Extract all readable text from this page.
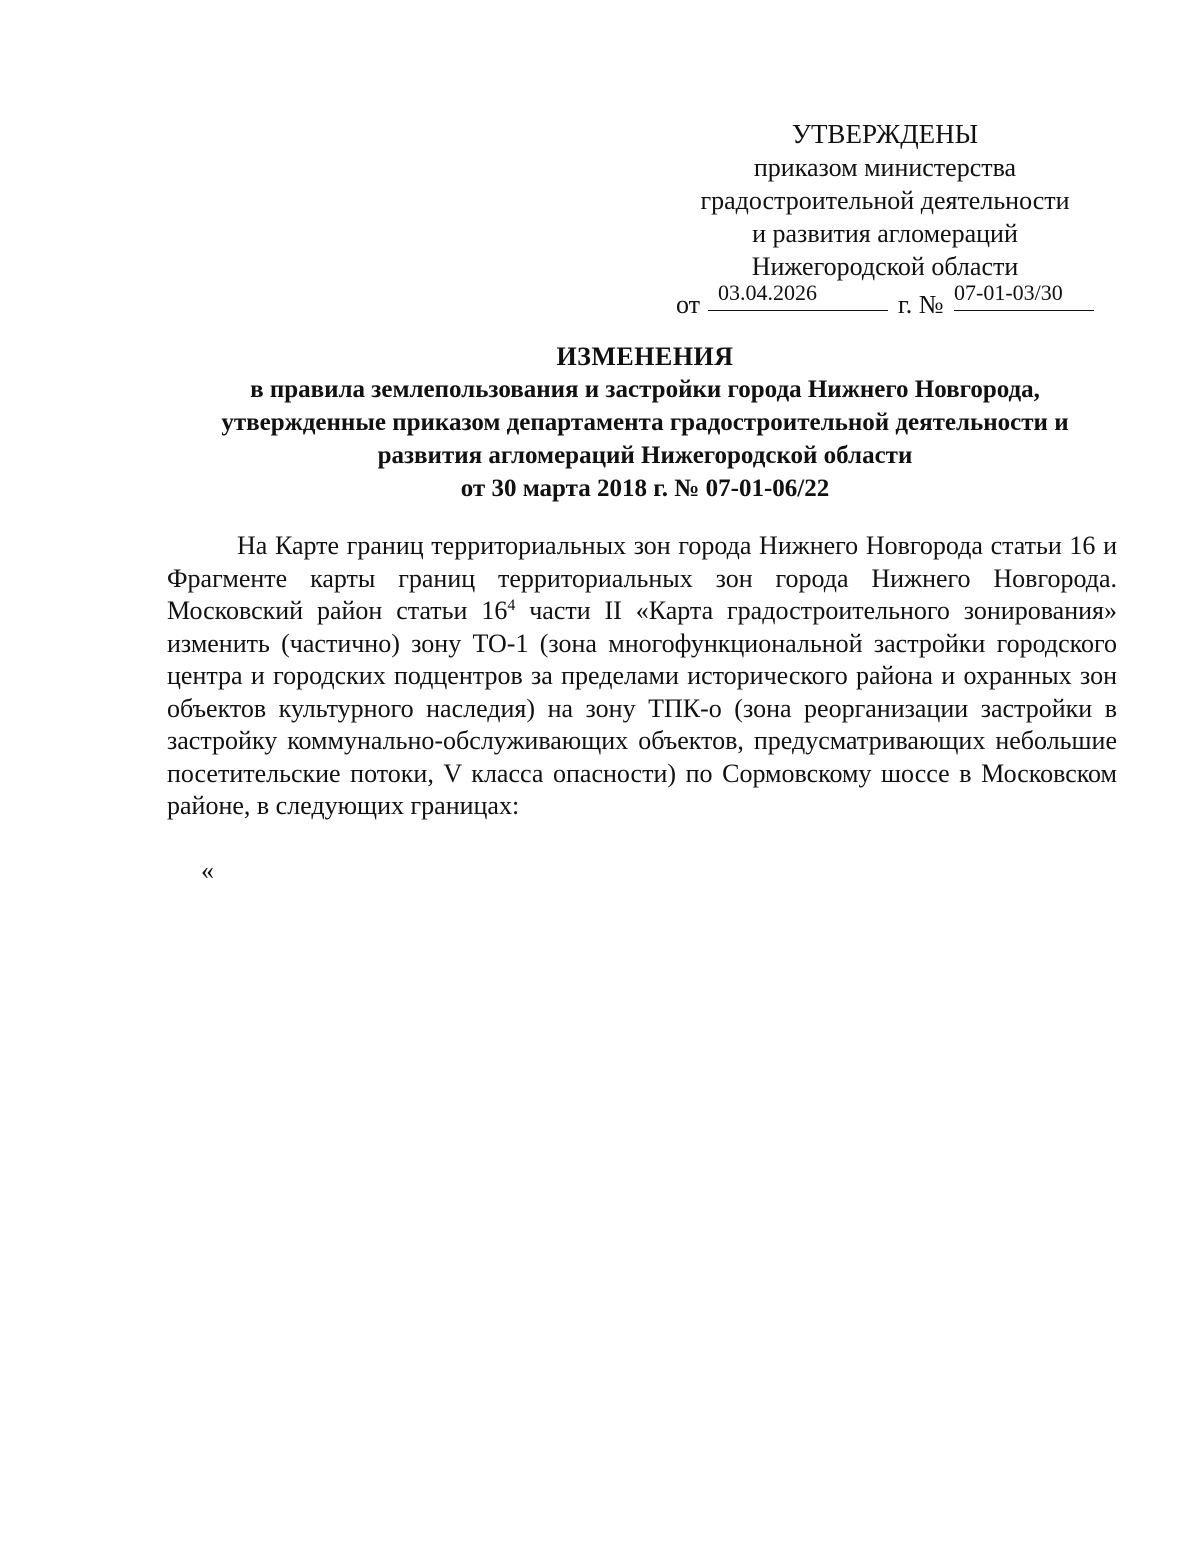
УТВЕРЖДЕНЫ
приказом министерства
градостроительной деятельности
и развития агломераций
Нижегородской области
от 03.04.2026	г. № 07-01-03/30
ИЗМЕНЕНИЯ
в правила землепользования и застройки города Нижнего Новгорода,
утвержденные приказом департамента градостроительной деятельности и
развития агломераций Нижегородской области
от 30 марта 2018 г. № 07-01-06/22
На Карте границ территориальных зон города Нижнего Новгорода статьи 16 и Фрагменте карты границ территориальных зон города Нижнего Новгорода. Московский район статьи $16^4$ части II «Карта градостроительного зонирования» изменить (частично) зону ТО-1 (зона многофункциональной застройки городского центра и городских подцентров за пределами исторического района и охранных зон объектов культурного наследия) на зону ТПК-о (зона реорганизации застройки в застройку коммунально-обслуживающих объектов, предусматривающих небольшие посетительские потоки, V класса опасности) по Сормовскому шоссе в Московском районе, в следующих границах:
«
